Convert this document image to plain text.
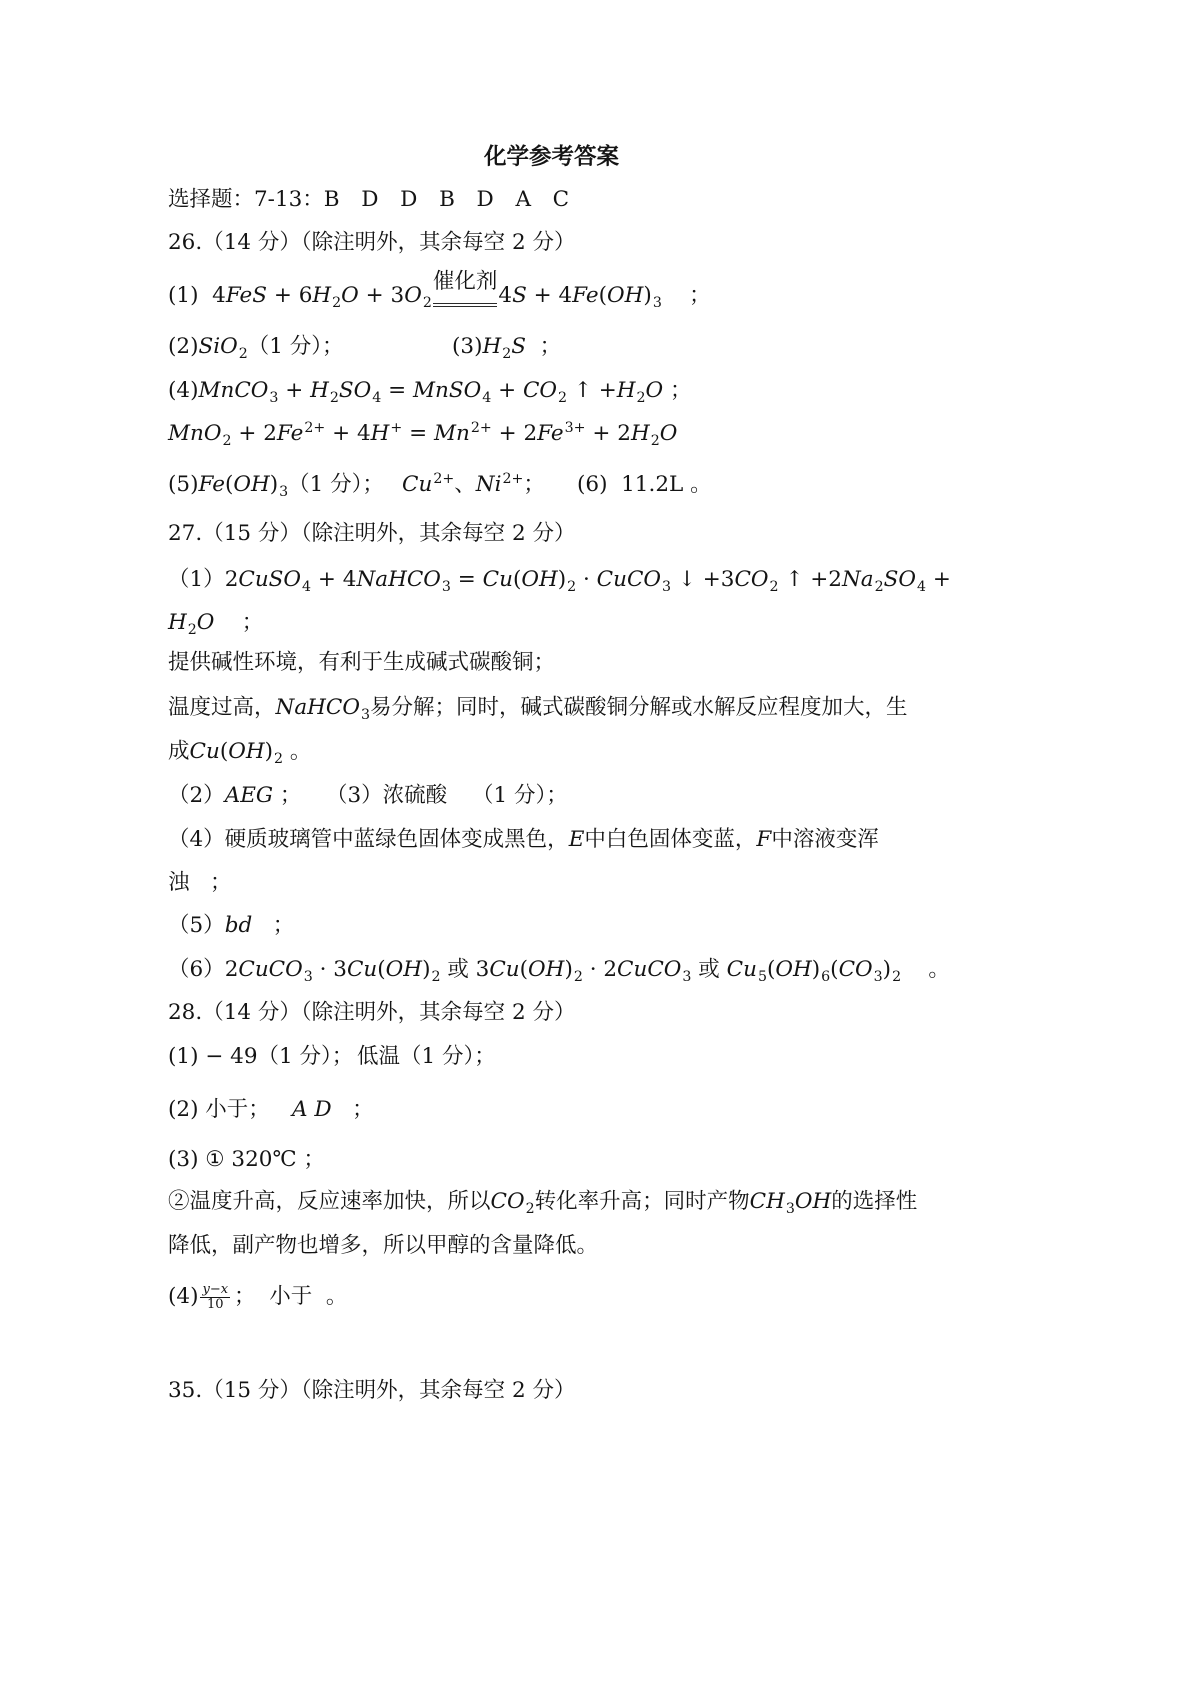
化学参考答案
选择题：7-13：B  D  D  B  D  A  C
26.（14 分）（除注明外，其余每空 2 分）
(1)  $4FeS + 6H_2O + 3O_2$催化剂$4S + 4Fe(OH)_3$    ；
(2)SiO$_2$（1 分）；	$(3)H_2S$  ；
(4)MnCO$_3$ + $H_2SO_4$ = MnSO$_4$ + $CO_2$ ↑ $+H_2O$ ；
$MnO_2 + 2Fe^{2+} + 4H^+ = Mn^{2+} + 2Fe^{3+} + 2H_2O$
$(5)Fe(OH)_3(1$ 分）； $Cu^{2+}$、$Ni^{2+}$； (6)  11.2L 。
27.（15 分）（除注明外，其余每空 2 分）
（1）2CuSO$_4$ + 4NaHCO$_3$ = $Cu(OH)_2$ · CuCO$_3$ ↓ $+3CO_2$ ↑ $+2Na_2SO_4$ +
$H_2O$    ；
提供碱性环境，有利于生成碱式碳酸铜；
温度过高，NaHCO$_3$易分解；同时，碱式碳酸铜分解或水解反应程度加大，生
成$Cu(OH)_2$ 。
（2）AEG ； （3）浓硫酸 （1 分）；
（4）硬质玻璃管中蓝绿色固体变成黑色，E中白色固体变蓝，F中溶液变浑
浊   ；
（5）bd   ；
（6）2CuCO$_3$ · $3Cu(OH)_2$ 或 $3Cu(OH)_2$ · 2CuCO$_3$ 或 $Cu_5(OH)_6(CO_3)_2$    。
28.（14 分）（除注明外，其余每空 2 分）
(1) − 49（1 分）； 低温（1 分）；
(2) 小于； A D   ；
(3) ① 320℃ ；
②温度升高，反应速率加快，所以$CO_2$转化率升高；同时产物$CH_3OH$的选择性
降低，副产物也增多，所以甲醇的含量降低。
$(4) \frac{y-x}{10}$ ；  小于  。
35.（15 分）（除注明外，其余每空 2 分）
